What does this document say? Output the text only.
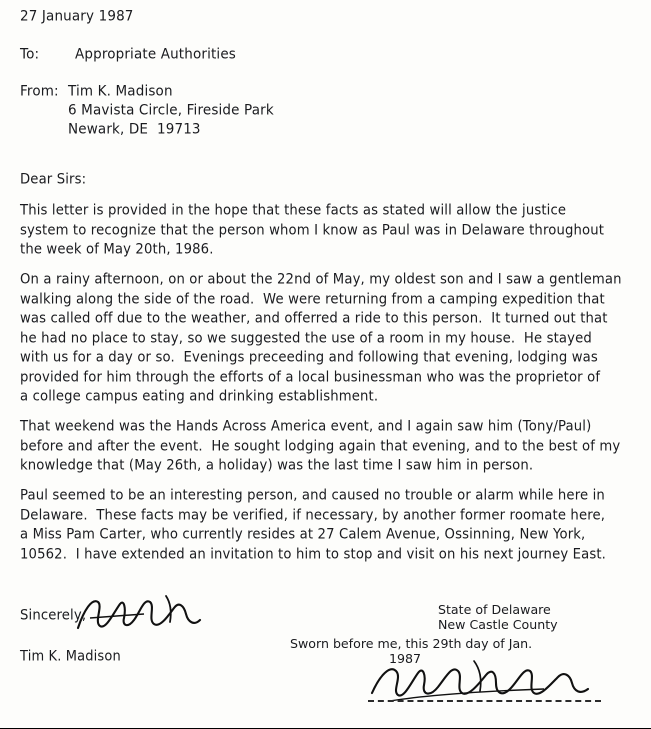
27 January 1987
To:	Appropriate Authorities
From: Tim K. Madison
6 Mavista Circle, Fireside Park
Newark, DE  19713
Dear Sirs:
This letter is provided in the hope that these facts as stated will allow the justice
system to recognize that the person whom I know as Paul was in Delaware throughout
the week of May 20th, 1986.
On a rainy afternoon, on or about the 22nd of May, my oldest son and I saw a gentleman
walking along the side of the road.  We were returning from a camping expedition that
was called off due to the weather, and offerred a ride to this person.  It turned out that
he had no place to stay, so we suggested the use of a room in my house.  He stayed
with us for a day or so.  Evenings preceeding and following that evening, lodging was
provided for him through the efforts of a local businessman who was the proprietor of
a college campus eating and drinking establishment.
That weekend was the Hands Across America event, and I again saw him (Tony/Paul)
before and after the event.  He sought lodging again that evening, and to the best of my
knowledge that (May 26th, a holiday) was the last time I saw him in person.
Paul seemed to be an interesting person, and caused no trouble or alarm while here in
Delaware.  These facts may be verified, if necessary, by another former roomate here,
a Miss Pam Carter, who currently resides at 27 Calem Avenue, Ossinning, New York,
10562.  I have extended an invitation to him to stop and visit on his next journey East.
Sincerely,
Tim K. Madison
State of Delaware
New Castle County
Sworn before me, this 29th day of Jan.
1987
